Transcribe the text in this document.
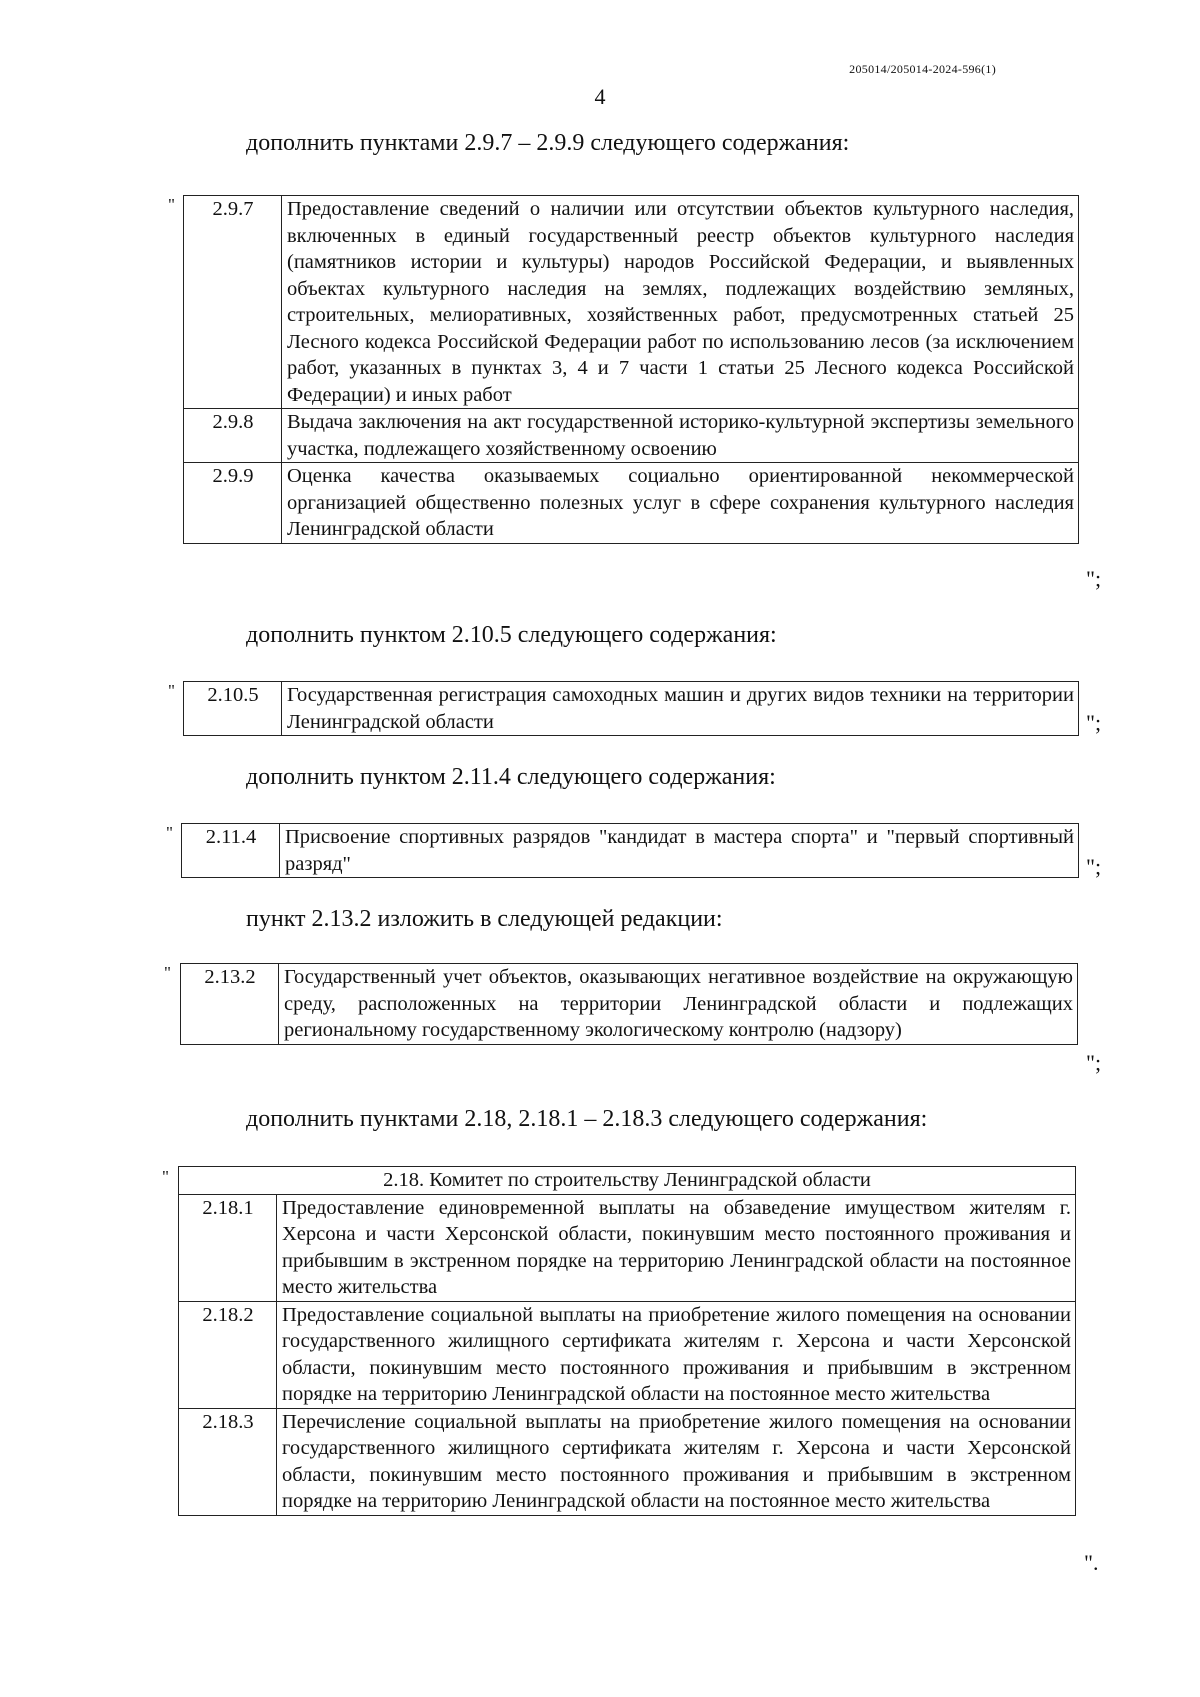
205014/205014-2024-596(1)
4
дополнить пунктами 2.9.7 – 2.9.9 следующего содержания:
" 2.9.7	Предоставление сведений о наличии или отсутствии объектов культурного наследия, включенных в единый государственный реестр объектов культурного наследия (памятников истории и культуры) народов Российской Федерации, и выявленных объектах культурного наследия на землях, подлежащих воздействию земляных, строительных, мелиоративных, хозяйственных работ, предусмотренных статьей 25 Лесного кодекса Российской Федерации работ по использованию лесов (за исключением работ, указанных в пунктах 3, 4 и 7 части 1 статьи 25 Лесного кодекса Российской Федерации) и иных работ
2.9.8	Выдача заключения на акт государственной историко-культурной экспертизы земельного участка, подлежащего хозяйственному освоению
2.9.9	Оценка качества оказываемых социально ориентированной некоммерческой организацией общественно полезных услуг в сфере сохранения культурного наследия Ленинградской области
";
дополнить пунктом 2.10.5 следующего содержания:
" 2.10.5	Государственная регистрация самоходных машин и других видов техники на территории Ленинградской области	";
дополнить пунктом 2.11.4 следующего содержания:
" 2.11.4	Присвоение спортивных разрядов "кандидат в мастера спорта" и "первый спортивный разряд"	";
пункт 2.13.2 изложить в следующей редакции:
" 2.13.2	Государственный учет объектов, оказывающих негативное воздействие на окружающую среду, расположенных на территории Ленинградской области и подлежащих региональному государственному экологическому контролю (надзору)
";
дополнить пунктами 2.18, 2.18.1 – 2.18.3 следующего содержания:
"	2.18. Комитет по строительству Ленинградской области	
2.18.1	Предоставление единовременной выплаты на обзаведение имуществом жителям г. Херсона и части Херсонской области, покинувшим место постоянного проживания и прибывшим в экстренном порядке на территорию Ленинградской области на постоянное место жительства
2.18.2	Предоставление социальной выплаты на приобретение жилого помещения на основании государственного жилищного сертификата жителям г. Херсона и части Херсонской области, покинувшим место постоянного проживания и прибывшим в экстренном порядке на территорию Ленинградской области на постоянное место жительства
2.18.3	Перечисление социальной выплаты на приобретение жилого помещения на основании государственного жилищного сертификата жителям г. Херсона и части Херсонской области, покинувшим место постоянного проживания и прибывшим в экстренном порядке на территорию Ленинградской области на постоянное место жительства
".
